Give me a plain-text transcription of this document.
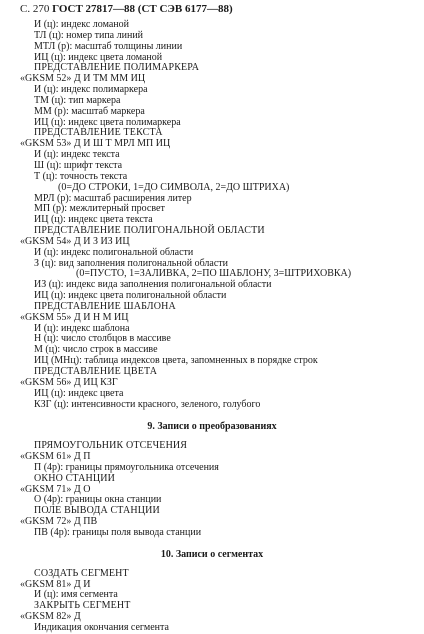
С. 270 ГОСТ 27817—88 (СТ СЭВ 6177—88)
И (ц): индекс ломаной
ТЛ (ц): номер типа линий
МТЛ (р): масштаб толщины линии
ИЦ (ц): индекс цвета ломаной
ПРЕДСТАВЛЕНИЕ ПОЛИМАРКЕРА
«GKSM 52» Д И ТМ ММ ИЦ
И (ц): индекс полимаркера
ТМ (ц): тип маркера
ММ (р): масштаб маркера
ИЦ (ц): индекс цвета полимаркера
ПРЕДСТАВЛЕНИЕ ТЕКСТА
«GKSM 53» Д И Ш Т МРЛ МП ИЦ
И (ц): индекс текста
Ш (ц): шрифт текста
Т (ц): точность текста
(0=ДО СТРОКИ, 1=ДО СИМВОЛА, 2=ДО ШТРИХА)
МРЛ (р): масштаб расширения литер
МП (р): межлитерный просвет
ИЦ (ц): индекс цвета текста
ПРЕДСТАВЛЕНИЕ ПОЛИГОНАЛЬНОЙ ОБЛАСТИ
«GKSM 54» Д И З ИЗ ИЦ
И (ц): индекс полигональной области
З (ц): вид заполнения полигональной области
(0=ПУСТО, 1=ЗАЛИВКА, 2=ПО ШАБЛОНУ, 3=ШТРИХОВКА)
ИЗ (ц): индекс вида заполнения полигональной области
ИЦ (ц): индекс цвета полигональной области
ПРЕДСТАВЛЕНИЕ ШАБЛОНА
«GKSM 55» Д И Н М ИЦ
И (ц): индекс шаблона
Н (ц): число столбцов в массиве
М (ц): число строк в массиве
ИЦ (МНц): таблица индексов цвета, запомненных в порядке строк
ПРЕДСТАВЛЕНИЕ ЦВЕТА
«GKSM 56» Д ИЦ КЗГ
ИЦ (ц): индекс цвета
КЗГ (ц): интенсивности красного, зеленого, голубого
9. Записи о преобразованиях
ПРЯМОУГОЛЬНИК ОТСЕЧЕНИЯ
«GKSM 61» Д П
П (4р): границы прямоугольника отсечения
ОКНО СТАНЦИИ
«GKSM 71» Д О
О (4р): границы окна станции
ПОЛЕ ВЫВОДА СТАНЦИИ
«GKSM 72» Д ПВ
ПВ (4р): границы поля вывода станции
10. Записи о сегментах
СОЗДАТЬ СЕГМЕНТ
«GKSM 81» Д И
И (ц): имя сегмента
ЗАКРЫТЬ СЕГМЕНТ
«GKSM 82» Д
Индикация окончания сегмента
